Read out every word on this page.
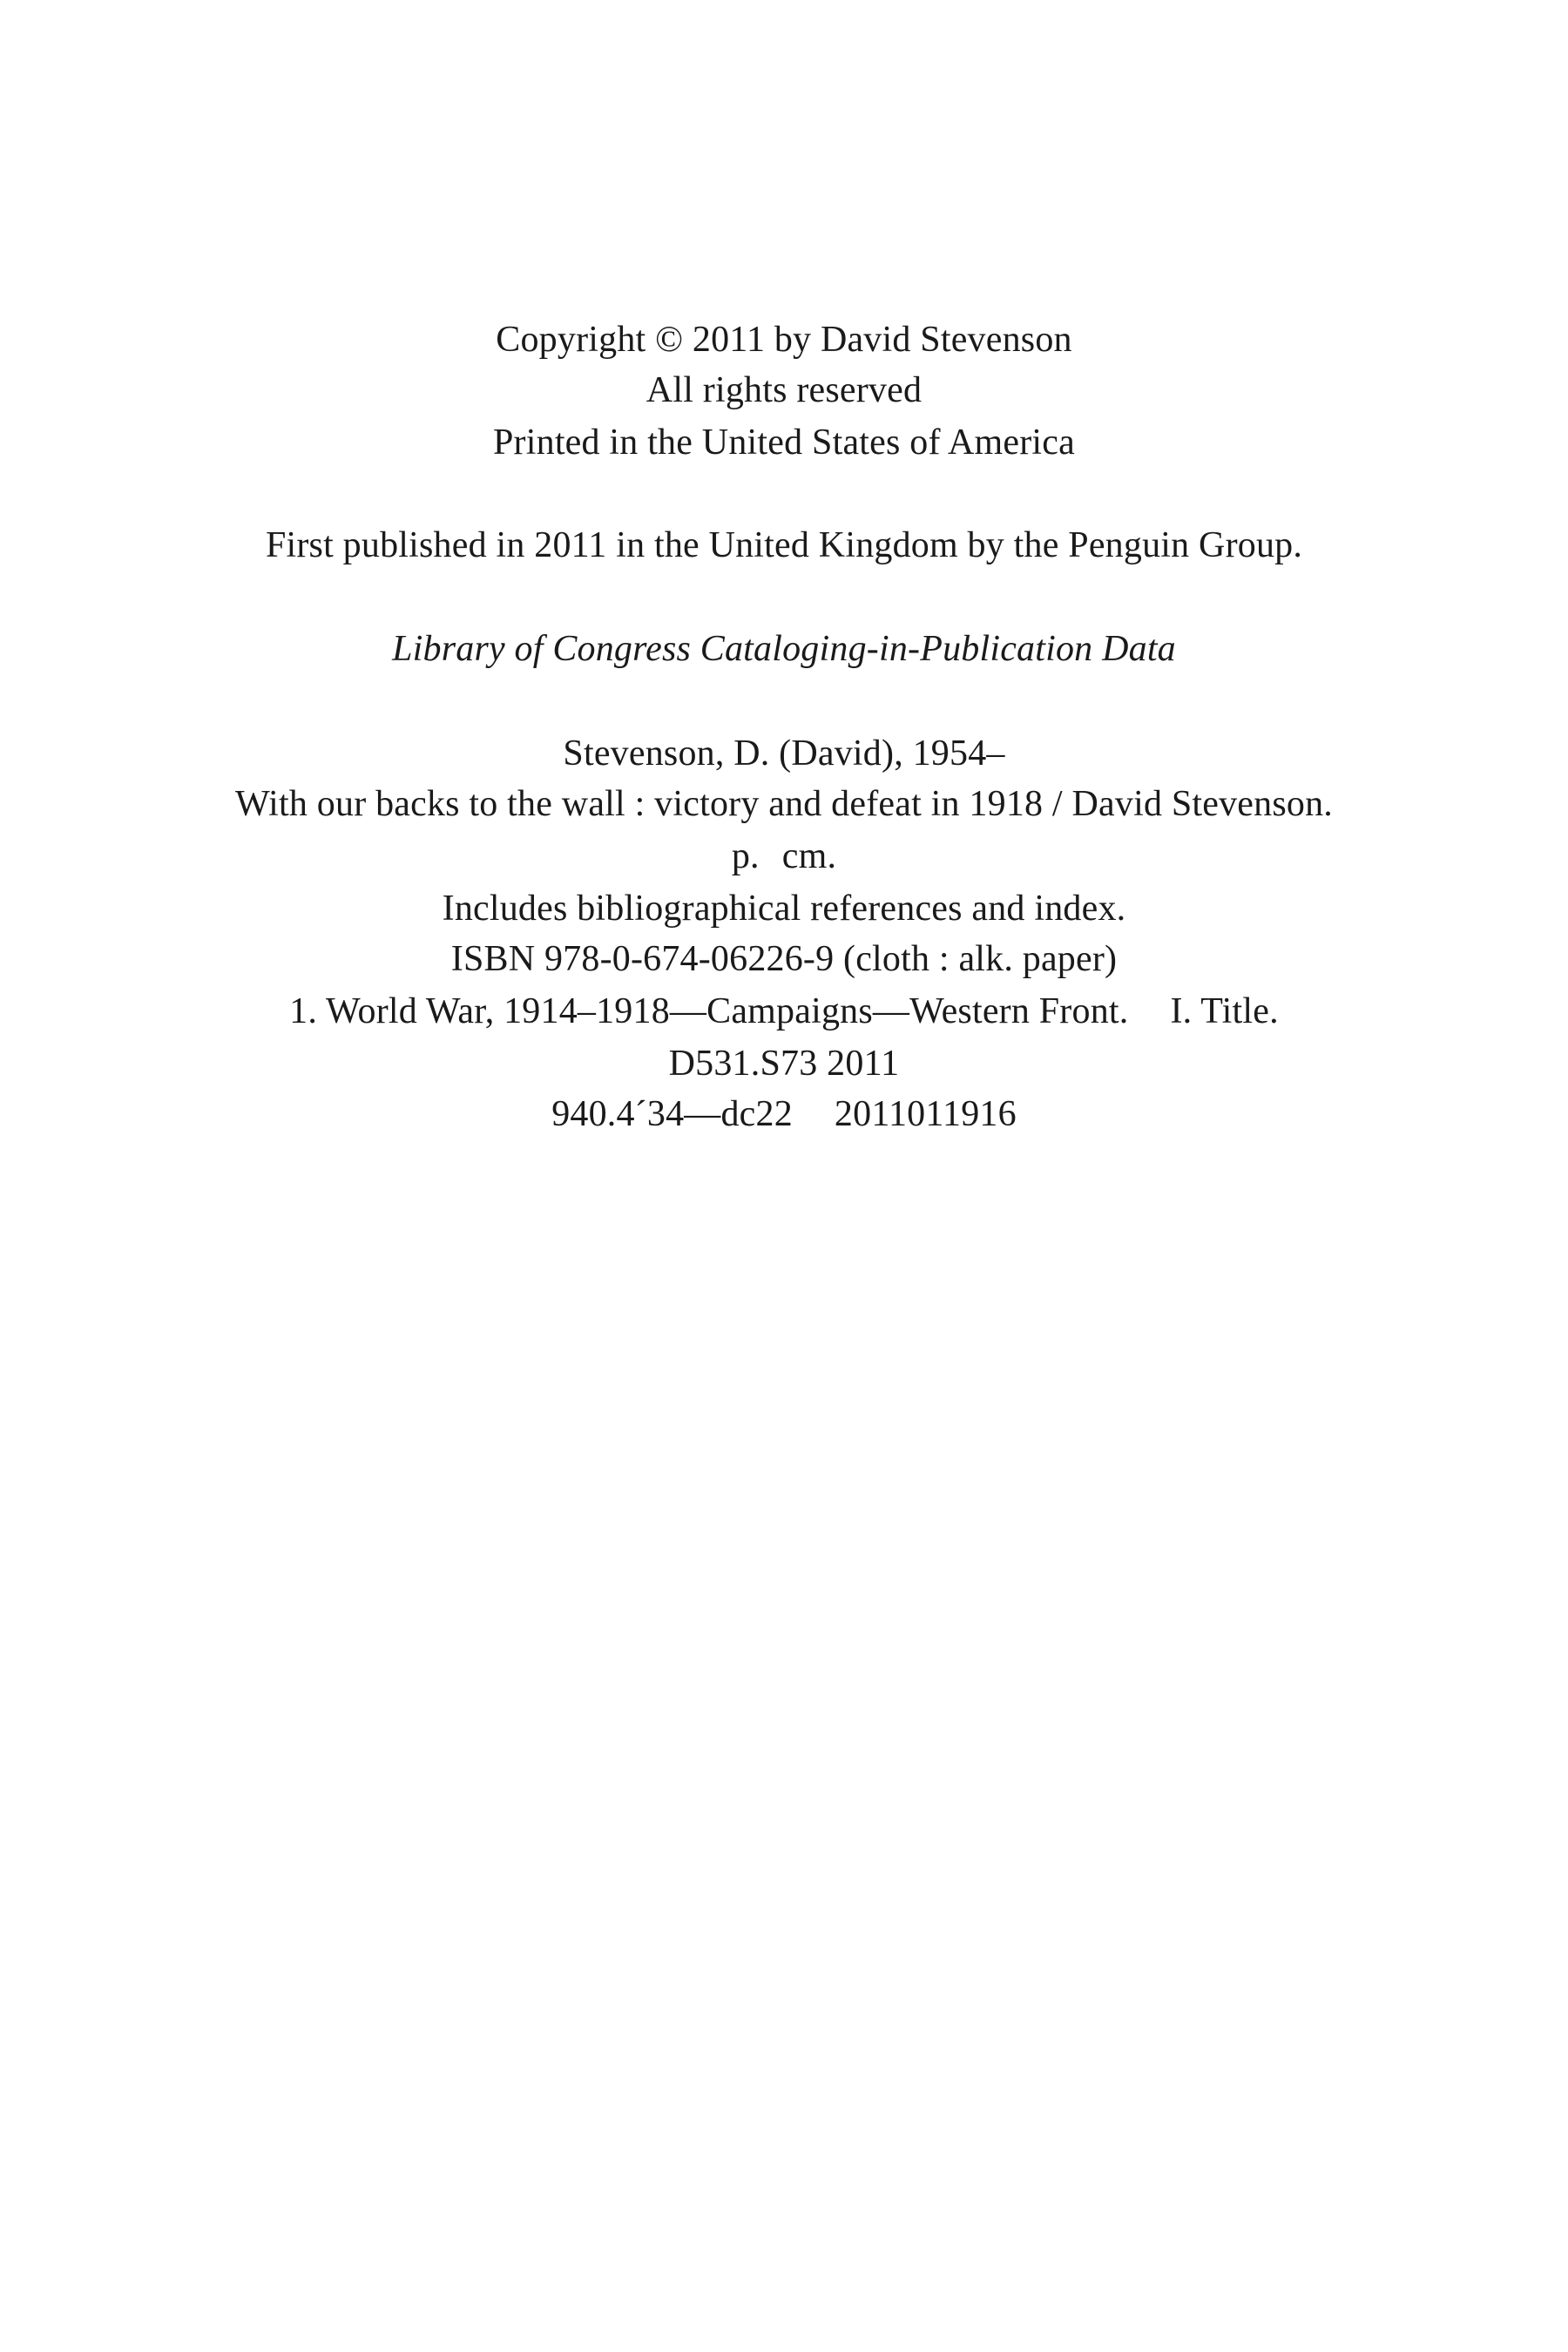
Copyright © 2011 by David Stevenson
All rights reserved
Printed in the United States of America
First published in 2011 in the United Kingdom by the Penguin Group.
Library of Congress Cataloging-in-Publication Data
Stevenson, D. (David), 1954–
With our backs to the wall : victory and defeat in 1918 / David Stevenson.
p. cm.
Includes bibliographical references and index.
ISBN 978-0-674-06226-9 (cloth : alk. paper)
1. World War, 1914–1918—Campaigns—Western Front. I. Title.
D531.S73 2011
940.4´34—dc22 2011011916
